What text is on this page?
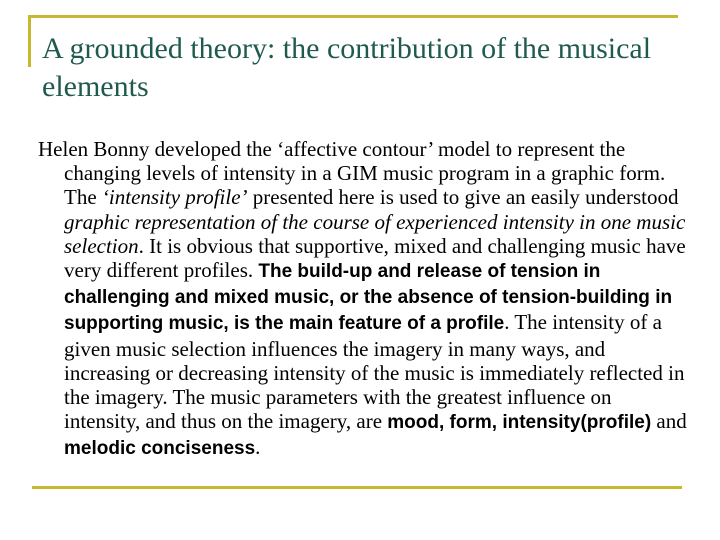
A grounded theory: the contribution of the musical elements

Helen Bonny developed the ‘affective contour’ model to represent the changing levels of intensity in a GIM music program in a graphic form. The ‘intensity profile’ presented here is used to give an easily understood graphic representation of the course of experienced intensity in one music selection. It is obvious that supportive, mixed and challenging music have very different profiles. The build-up and release of tension in challenging and mixed music, or the absence of tension-building in supporting music, is the main feature of a profile. The intensity of a given music selection influences the imagery in many ways, and increasing or decreasing intensity of the music is immediately reflected in the imagery. The music parameters with the greatest influence on intensity, and thus on the imagery, are mood, form, intensity(profile) and melodic conciseness.
